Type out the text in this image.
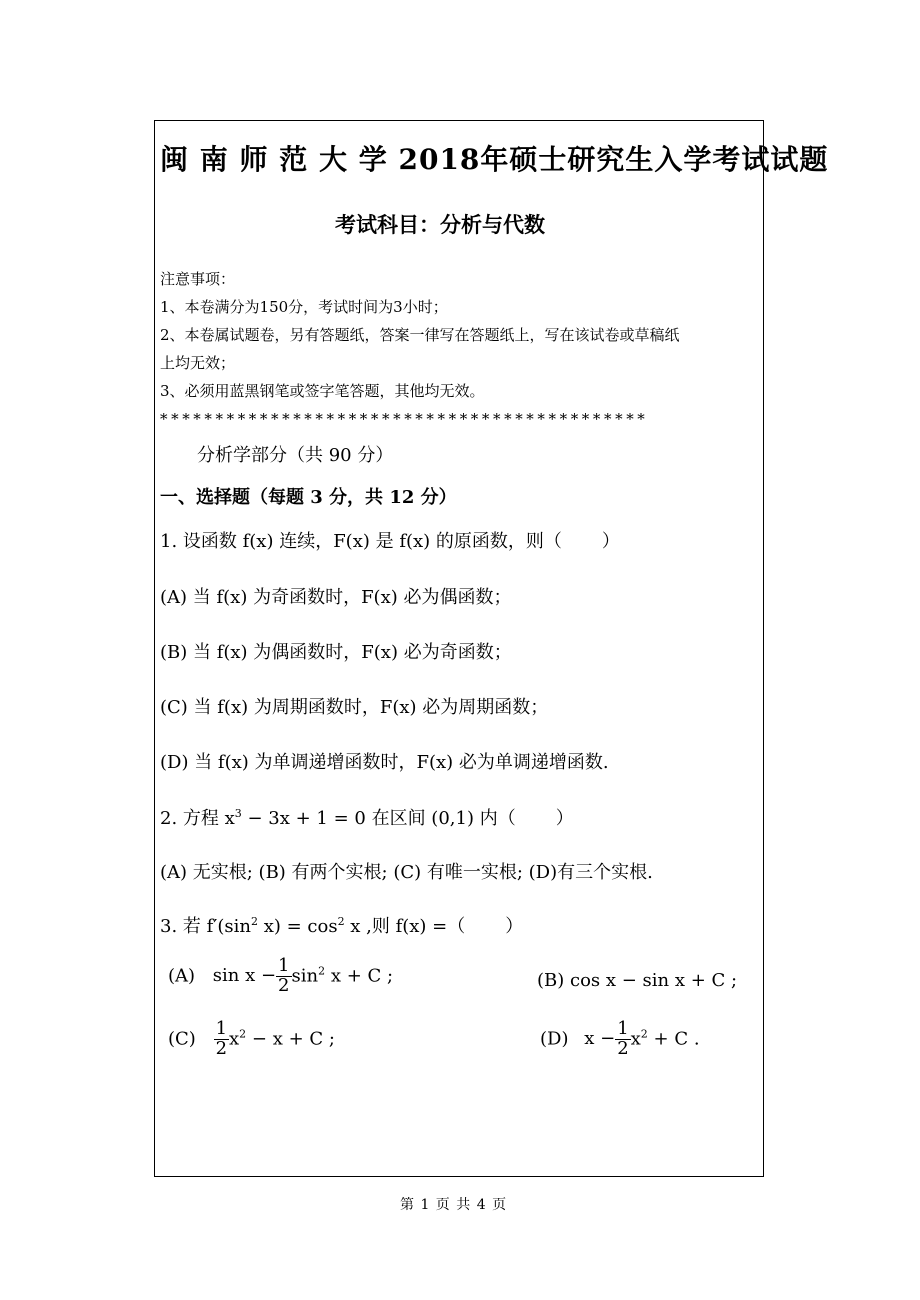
闽 南 师 范 大 学 2018年硕士研究生入学考试试题
考试科目：分析与代数
注意事项：
1、本卷满分为150分，考试时间为3小时；
2、本卷属试题卷，另有答题纸，答案一律写在答题纸上，写在该试卷或草稿纸
上均无效；
3、必须用蓝黑钢笔或签字笔答题，其他均无效。
********************************************
分析学部分（共 90 分）
一、选择题（每题 3 分，共 12 分）
1. 设函数 f(x) 连续，F(x) 是 f(x) 的原函数，则（ ）
(A) 当 f(x) 为奇函数时，F(x) 必为偶函数；
(B) 当 f(x) 为偶函数时，F(x) 必为奇函数；
(C) 当 f(x) 为周期函数时，F(x) 必为周期函数；
(D) 当 f(x) 为单调递增函数时，F(x) 必为单调递增函数.
2. 方程 $x^3 - 3x + 1 = 0$ 在区间 (0,1) 内（ ）
(A) 无实根; (B) 有两个实根; (C) 有唯一实根; (D)有三个实根.
3. 若 $f'(\sin^2$ $x) = \cos^2 x$ ,则 f(x) =（ ）
(A) $\sin x - \frac{1}{2} \sin^2 x + C$ ;	(B) cos x − sin x + C ;
$(C) \frac{1}{2} x^2 - x + C$ ;	(D) $x - \frac{1}{2} x^2 + C$ .
第 1 页 共 4 页
